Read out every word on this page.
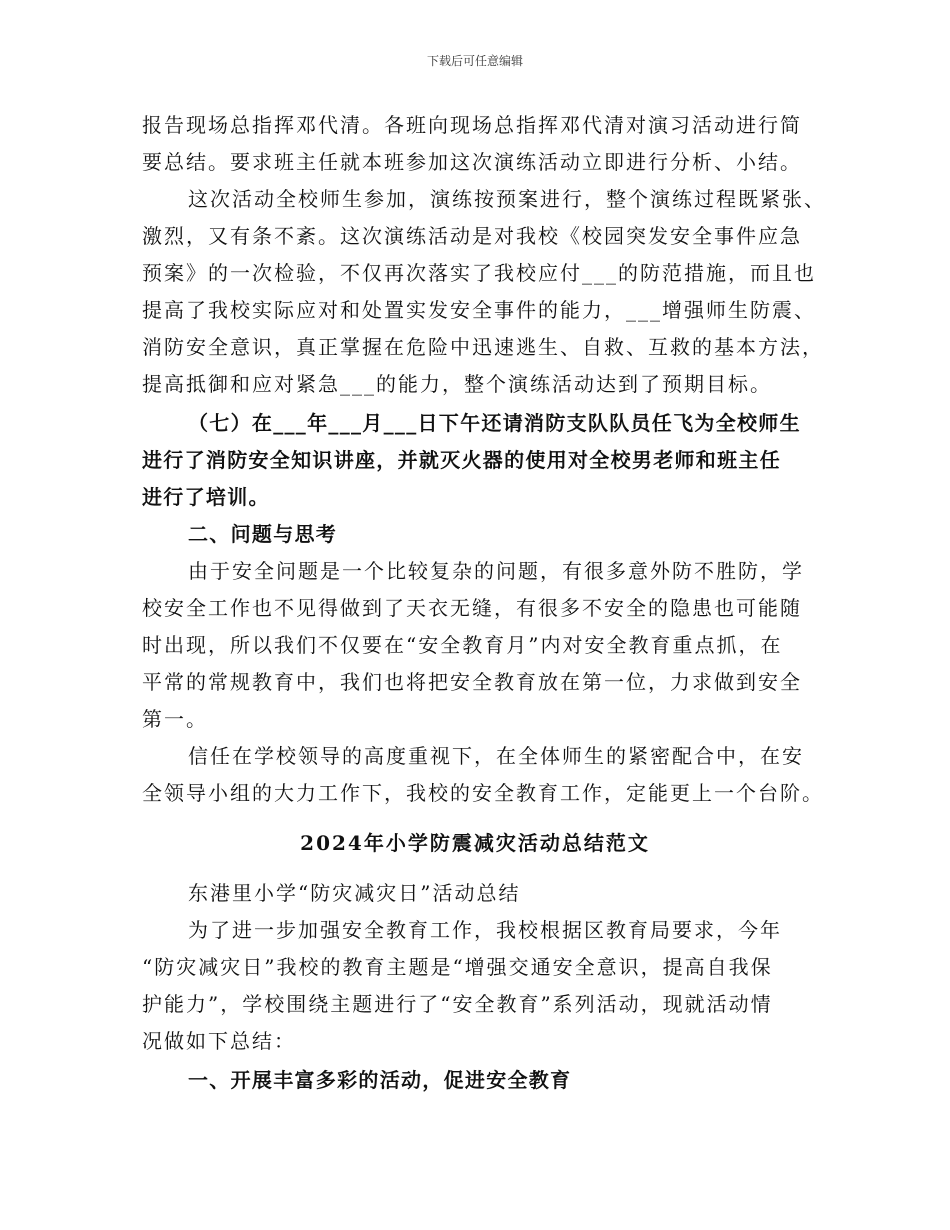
下载后可任意编辑
报告现场总指挥邓代清。各班向现场总指挥邓代清对演习活动进行简
要总结。要求班主任就本班参加这次演练活动立即进行分析、小结。
这次活动全校师生参加，演练按预案进行，整个演练过程既紧张、
激烈，又有条不紊。这次演练活动是对我校《校园突发安全事件应急
预案》的一次检验，不仅再次落实了我校应付___的防范措施，而且也
提高了我校实际应对和处置实发安全事件的能力，___增强师生防震、
消防安全意识，真正掌握在危险中迅速逃生、自救、互救的基本方法，
提高抵御和应对紧急___的能力，整个演练活动达到了预期目标。
（七）在___年___月___日下午还请消防支队队员任飞为全校师生
进行了消防安全知识讲座，并就灭火器的使用对全校男老师和班主任
进行了培训。
二、问题与思考
由于安全问题是一个比较复杂的问题，有很多意外防不胜防，学
校安全工作也不见得做到了天衣无缝，有很多不安全的隐患也可能随
时出现，所以我们不仅要在“安全教育月”内对安全教育重点抓，在
平常的常规教育中，我们也将把安全教育放在第一位，力求做到安全
第一。
信任在学校领导的高度重视下，在全体师生的紧密配合中，在安
全领导小组的大力工作下，我校的安全教育工作，定能更上一个台阶。
2024年小学防震减灾活动总结范文
东港里小学“防灾减灾日”活动总结
为了进一步加强安全教育工作，我校根据区教育局要求，今年
“防灾减灾日”我校的教育主题是“增强交通安全意识，提高自我保
护能力”，学校围绕主题进行了“安全教育”系列活动，现就活动情
况做如下总结：
一、开展丰富多彩的活动，促进安全教育
